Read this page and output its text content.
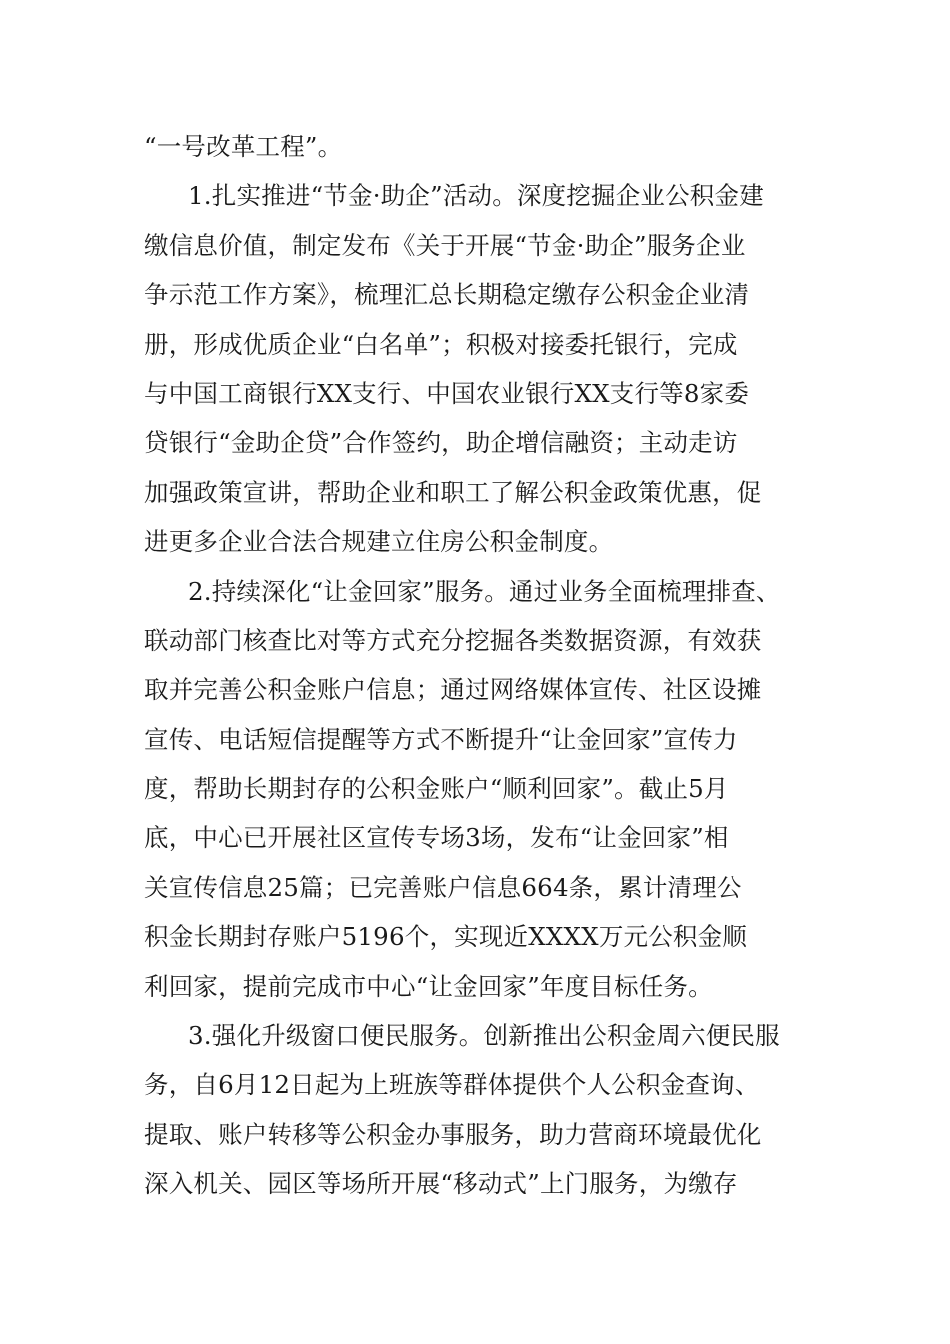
“一号改革工程”。
1.扎实推进“节金·助企”活动。深度挖掘企业公积金建
缴信息价值，制定发布《关于开展“节金·助企”服务企业
争示范工作方案》，梳理汇总长期稳定缴存公积金企业清
册，形成优质企业“白名单”；积极对接委托银行，完成
与中国工商银行XX支行、中国农业银行XX支行等8家委
贷银行“金助企贷”合作签约，助企增信融资；主动走访
加强政策宣讲，帮助企业和职工了解公积金政策优惠，促
进更多企业合法合规建立住房公积金制度。
2.持续深化“让金回家”服务。通过业务全面梳理排查、
联动部门核查比对等方式充分挖掘各类数据资源，有效获
取并完善公积金账户信息；通过网络媒体宣传、社区设摊
宣传、电话短信提醒等方式不断提升“让金回家”宣传力
度，帮助长期封存的公积金账户“顺利回家”。截止5月
底，中心已开展社区宣传专场3场，发布“让金回家”相
关宣传信息25篇；已完善账户信息664条，累计清理公
积金长期封存账户5196个，实现近XXXX万元公积金顺
利回家，提前完成市中心“让金回家”年度目标任务。
3.强化升级窗口便民服务。创新推出公积金周六便民服
务，自6月12日起为上班族等群体提供个人公积金查询、
提取、账户转移等公积金办事服务，助力营商环境最优化
深入机关、园区等场所开展“移动式”上门服务，为缴存
